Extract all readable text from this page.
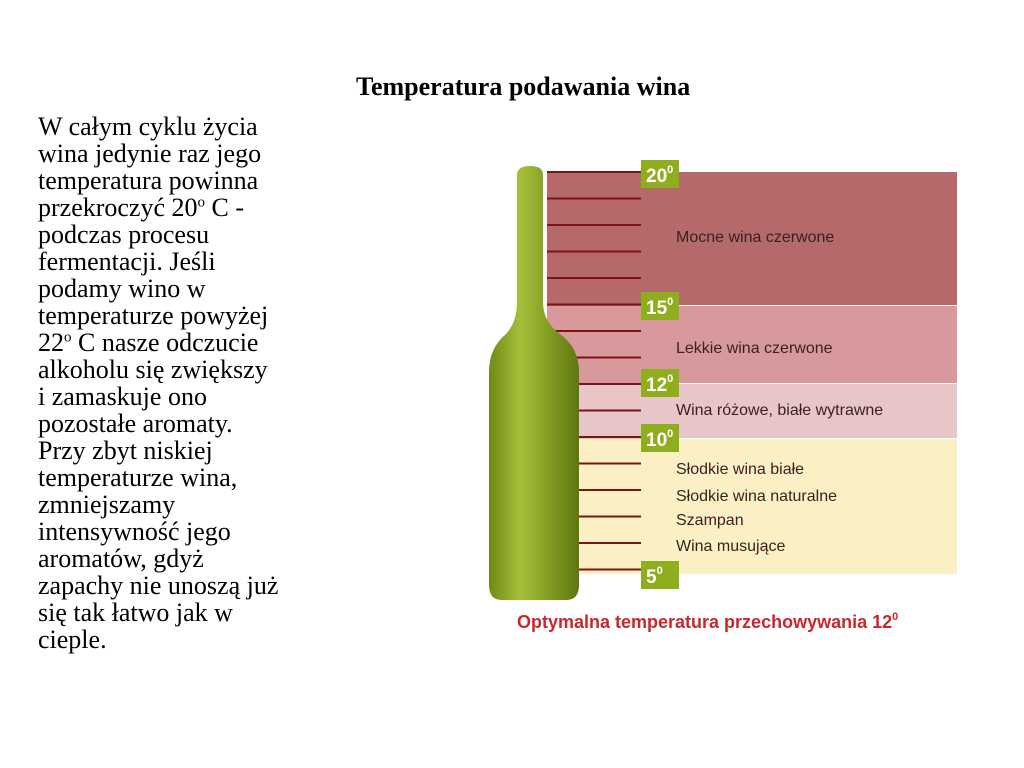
Temperatura podawania wina
W całym cyklu życia
wina jedynie raz jego
temperatura powinna
przekroczyć 20$^o$ C -
podczas procesu
fermentacji. Jeśli
podamy wino w
temperaturze powyżej
22$^o$ C nasze odczucie
alkoholu się zwiększy
i zamaskuje ono
pozostałe aromaty.
Przy zbyt niskiej
temperaturze wina,
zmniejszamy
intensywność jego
aromatów, gdyż
zapachy nie unoszą już
się tak łatwo jak w
cieple.
Mocne wina czerwone
Lekkie wina czerwone
Wina różowe, białe wytrawne
Słodkie wina białe
Słodkie wina naturalne
Szampan
Wina musujące
$20^0$
$15^0$
$12^0$
$10^0$
$5^0$
Optymalna temperatura przechowywania $12^0$
